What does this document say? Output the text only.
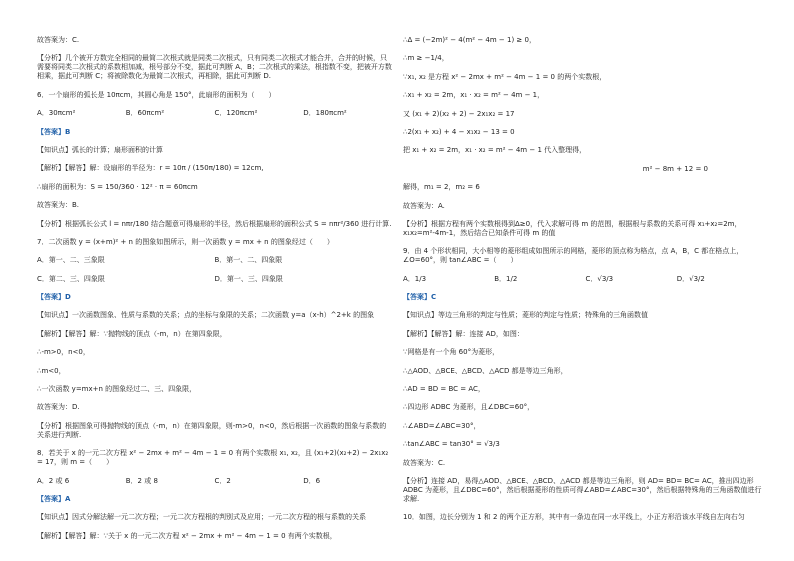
故答案为：C.
【分析】几个被开方数完全相同的最简二次根式就是同类二次根式，只有同类二次根式才能合并，合并的时候，只需要将同类二次根式的系数相加减，根号部分不变，据此可判断 A、B；二次根式的乘法，根指数不变，把被开方数相乘，据此可判断 C；将被除数化为最简二次根式，再相除，据此可判断 D.
6．一个扇形的弧长是 10πcm，其圆心角是 150°，此扇形的面积为（　　）
A．30πcm²	B．60πcm²	C．120πcm²	D．180πcm²
【答案】B
【知识点】弧长的计算；扇形面积的计算
【解析】【解答】解：设扇形的半径为：r = 10π / (150π/180) = 12cm,
∴扇形的面积为：S = 150/360 · 12² · π = 60πcm
故答案为：B.
【分析】根据弧长公式 l = nπr/180 结合题意可得扇形的半径，然后根据扇形的面积公式 S = nπr²/360 进行计算.
7．二次函数 y = (x+m)² + n 的图象如图所示，则一次函数 y = mx + n 的图象经过（　　）
A．第一、二、三象限	B．第一、二、四象限
C．第二、三、四象限	D．第一、三、四象限
【答案】D
【知识点】一次函数图象、性质与系数的关系；点的坐标与象限的关系；二次函数 y=a（x-h）^2+k 的图象
【解析】【解答】解：∵抛物线的顶点（-m，n）在第四象限，
∴-m>0，n<0，
∴m<0，
∴一次函数 y=mx+n 的图象经过二、三、四象限，
故答案为：D.
【分析】根据图象可得抛物线的顶点（-m，n）在第四象限，则-m>0，n<0，然后根据一次函数的图象与系数的关系进行判断.
8．若关于 x 的一元二次方程 x² − 2mx + m² − 4m − 1 = 0 有两个实数根 x₁, x₂，且 (x₁+2)(x₂+2) − 2x₁x₂ = 17，则 m =（　　）
A．2 或 6	B．2 或 8	C．2	D．6
【答案】A
【知识点】因式分解法解一元二次方程；一元二次方程根的判别式及应用；一元二次方程的根与系数的关系
【解析】【解答】解：∵关于 x 的一元二次方程 x² − 2mx + m² − 4m − 1 = 0 有两个实数根，
∴Δ = (−2m)² − 4(m² − 4m − 1) ≥ 0，
∴m ≥ −1/4，
∵x₁, x₂ 是方程 x² − 2mx + m² − 4m − 1 = 0 的两个实数根，
∴x₁ + x₂ = 2m，x₁ · x₂ = m² − 4m − 1，
又 (x₁ + 2)(x₂ + 2) − 2x₁x₂ = 17
∴2(x₁ + x₂) + 4 − x₁x₂ − 13 = 0
把 x₁ + x₂ = 2m，x₁ · x₂ = m² − 4m − 1 代入整理得，
m² − 8m + 12 = 0
解得，m₁ = 2，m₂ = 6
故答案为：A.
【分析】根据方程有两个实数根得到Δ≥0，代入求解可得 m 的范围，根据根与系数的关系可得 x₁+x₂=2m，x₁x₂=m²-4m-1，然后结合已知条件可得 m 的值
9．由 4 个形状相同，大小相等的菱形组成如图所示的网格，菱形的顶点称为格点，点 A，B，C 都在格点上，∠O=60°，则 tan∠ABC =（　　）
A．1/3	B．1/2	C．√3/3	D．√3/2
【答案】C
【知识点】等边三角形的判定与性质；菱形的判定与性质；特殊角的三角函数值
【解析】【解答】解：连接 AD，如图：
∵网格是有一个角 60°为菱形，
∴△AOD、△BCE、△BCD、△ACD 都是等边三角形，
∴AD = BD = BC = AC，
∴四边形 ADBC 为菱形，且∠DBC=60°，
∴∠ABD=∠ABC=30°，
∴tan∠ABC = tan30° = √3/3
故答案为：C.
【分析】连接 AD，易得△AOD、△BCE、△BCD、△ACD 都是等边三角形，则 AD= BD= BC= AC，推出四边形 ADBC 为菱形，且∠DBC=60°，然后根据菱形的性质可得∠ABD=∠ABC=30°，然后根据特殊角的三角函数值进行求解.
10．如图，边长分别为 1 和 2 的两个正方形，其中有一条边在同一水平线上，小正方形沿该水平线自左向右匀
